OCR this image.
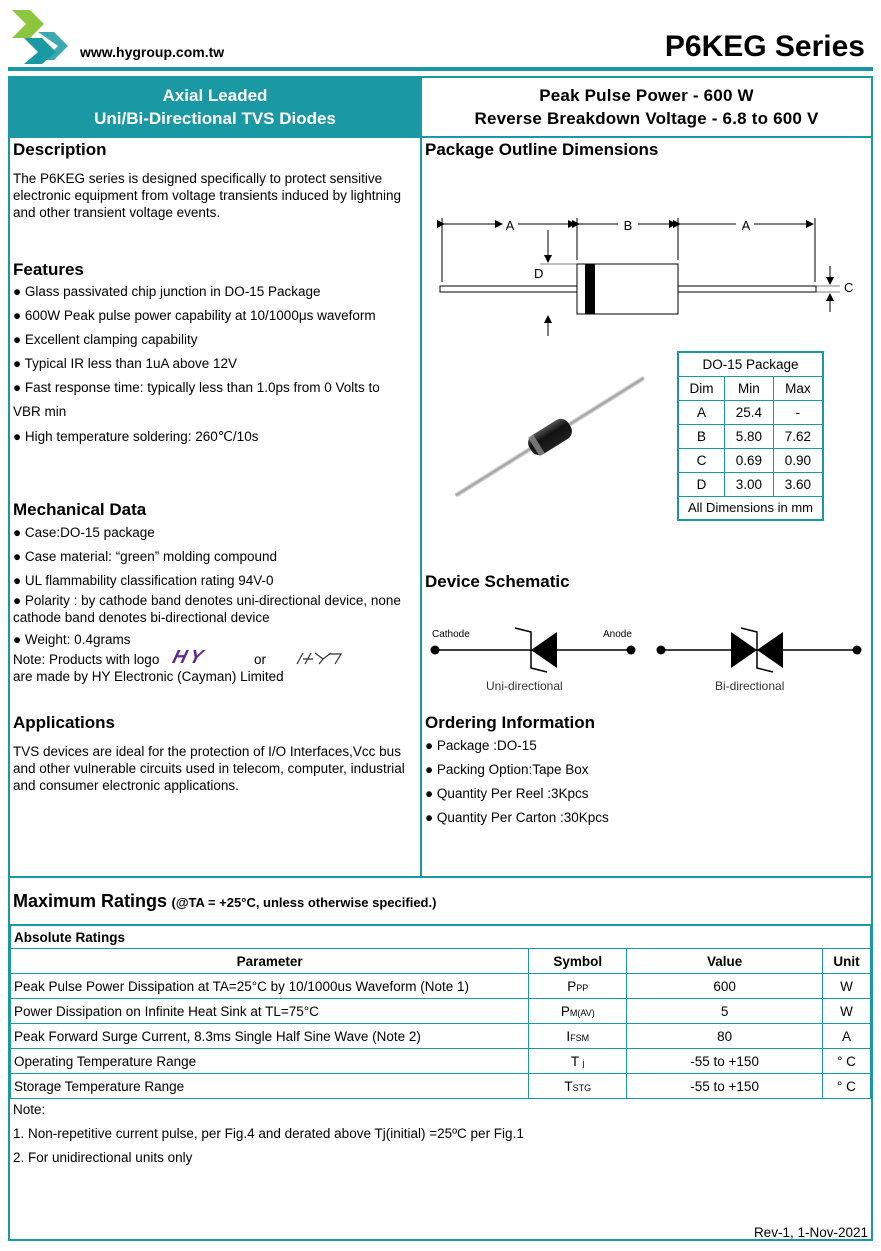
www.hygroup.com.tw	P6KEG Series
Axial Leaded
Uni/Bi-Directional TVS Diodes
Peak Pulse Power - 600 W
Reverse Breakdown Voltage - 6.8 to 600 V
Description
The P6KEG series is designed specifically to protect sensitive electronic equipment from voltage transients induced by lightning and other transient voltage events.
Features
● Glass passivated chip junction in DO-15 Package
● 600W Peak pulse power capability at 10/1000μs waveform
● Excellent clamping capability
● Typical IR less than 1uA above 12V
● Fast response time: typically less than 1.0ps from 0 Volts to
VBR min
● High temperature soldering: 260℃/10s
Mechanical Data
● Case:DO-15 package
● Case material: “green” molding compound
● UL flammability classification rating 94V-0
● Polarity : by cathode band denotes uni-directional device, none
cathode band denotes bi-directional device
● Weight: 0.4grams
Note: Products with logo HY	or
are made by HY Electronic (Cayman) Limited
Applications
TVS devices are ideal for the protection of I/O Interfaces,Vcc bus and other vulnerable circuits used in telecom, computer, industrial and consumer electronic applications.
Package Outline Dimensions
A	B	A
D
C
DO-15 Package		
Dim	Min	Max
A	25.4	-
B	5.80	7.62
C	0.69	0.90
D	3.00	3.60
All Dimensions in mm		
Device Schematic
Cathode	Anode
Uni-directional	Bi-directional
Ordering Information
● Package :DO-15
● Packing Option:Tape Box
● Quantity Per Reel :3Kpcs
● Quantity Per Carton :30Kpcs
Maximum Ratings (@TA = +25°C, unless otherwise specified.)
Absolute Ratings			
Parameter	Symbol	Value	Unit
Peak Pulse Power Dissipation at TA=25°C by 10/1000us Waveform (Note 1)	PPP	600	W
Power Dissipation on Infinite Heat Sink at TL=75°C	PM(AV)	5	W
Peak Forward Surge Current, 8.3ms Single Half Sine Wave (Note 2)	IFSM	80	A
Operating Temperature Range	T j	-55 to +150	° C
Storage Temperature Range	TSTG	-55 to +150	° C
Note:
1. Non-repetitive current pulse, per Fig.4 and derated above Tj(initial) =25ºC per Fig.1
2. For unidirectional units only
Rev-1, 1-Nov-2021
